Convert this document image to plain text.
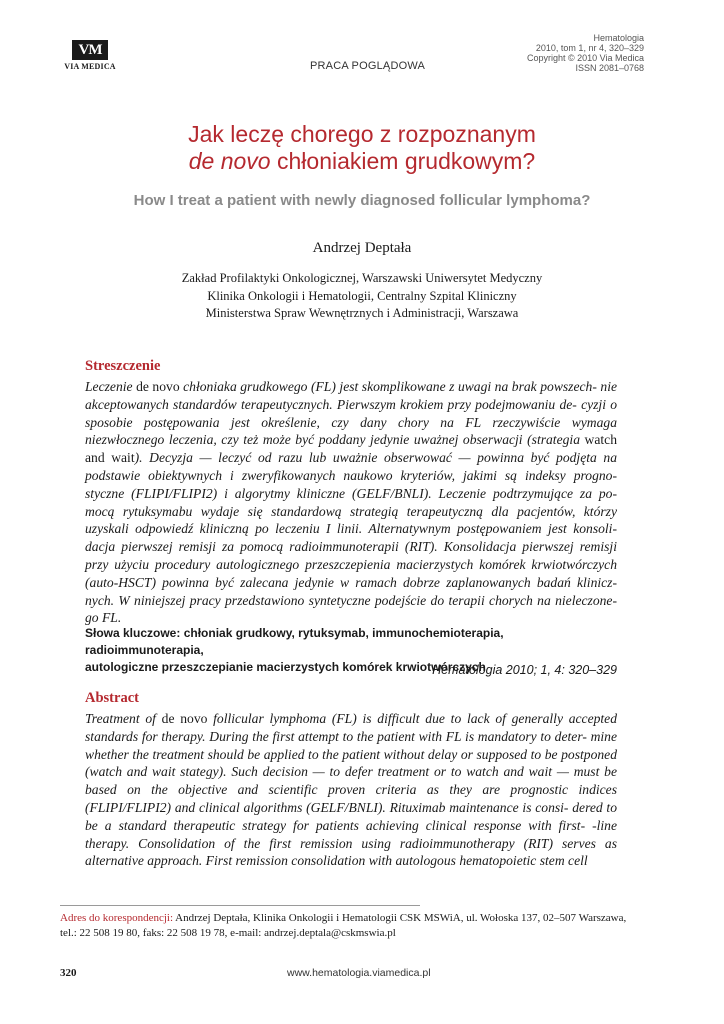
VM
VIA MEDICA	PRACA POGLĄDOWA
Hematologia
2010, tom 1, nr 4, 320–329
Copyright © 2010 Via Medica
ISSN 2081–0768
Jak leczę chorego z rozpoznanym
de novo chłoniakiem grudkowym?
How I treat a patient with newly diagnosed follicular lymphoma?
Andrzej Deptała
Zakład Profilaktyki Onkologicznej, Warszawski Uniwersytet Medyczny
Klinika Onkologii i Hematologii, Centralny Szpital Kliniczny
Ministerstwa Spraw Wewnętrznych i Administracji, Warszawa
Streszczenie
Leczenie de novo chłoniaka grudkowego (FL) jest skomplikowane z uwagi na brak powszech- nie akceptowanych standardów terapeutycznych. Pierwszym krokiem przy podejmowaniu de- cyzji o sposobie postępowania jest określenie, czy dany chory na FL rzeczywiście wymaga niezwłocznego leczenia, czy też może być poddany jedynie uważnej obserwacji (strategia watch and wait). Decyzja — leczyć od razu lub uważnie obserwować — powinna być podjęta na podstawie obiektywnych i zweryfikowanych naukowo kryteriów, jakimi są indeksy progno- styczne (FLIPI/FLIPI2) i algorytmy kliniczne (GELF/BNLI). Leczenie podtrzymujące za po- mocą rytuksymabu wydaje się standardową strategią terapeutyczną dla pacjentów, którzy uzyskali odpowiedź kliniczną po leczeniu I linii. Alternatywnym postępowaniem jest konsoli- dacja pierwszej remisji za pomocą radioimmunoterapii (RIT). Konsolidacja pierwszej remisji przy użyciu procedury autologicznego przeszczepienia macierzystych komórek krwiotwórczych (auto-HSCT) powinna być zalecana jedynie w ramach dobrze zaplanowanych badań klinicz- nych. W niniejszej pracy przedstawiono syntetyczne podejście do terapii chorych na nieleczone- go FL.
Słowa kluczowe: chłoniak grudkowy, rytuksymab, immunochemioterapia, radioimmunoterapia,
autologiczne przeszczepianie macierzystych komórek krwiotwórczych
Hematologia 2010; 1, 4: 320–329
Abstract
Treatment of de novo follicular lymphoma (FL) is difficult due to lack of generally accepted standards for therapy. During the first attempt to the patient with FL is mandatory to deter- mine whether the treatment should be applied to the patient without delay or supposed to be postponed (watch and wait stategy). Such decision — to defer treatment or to watch and wait — must be based on the objective and scientific proven criteria as they are prognostic indices (FLIPI/FLIPI2) and clinical algorithms (GELF/BNLI). Rituximab maintenance is consi- dered to be a standard therapeutic strategy for patients achieving clinical response with first- -line therapy. Consolidation of the first remission using radioimmunotherapy (RIT) serves as alternative approach. First remission consolidation with autologous hematopoietic stem cell
Adres do korespondencji: Andrzej Deptała, Klinika Onkologii i Hematologii CSK MSWiA, ul. Wołoska 137, 02–507 Warszawa,
tel.: 22 508 19 80, faks: 22 508 19 78, e-mail: andrzej.deptala@cskmswia.pl
320	www.hematologia.viamedica.pl
